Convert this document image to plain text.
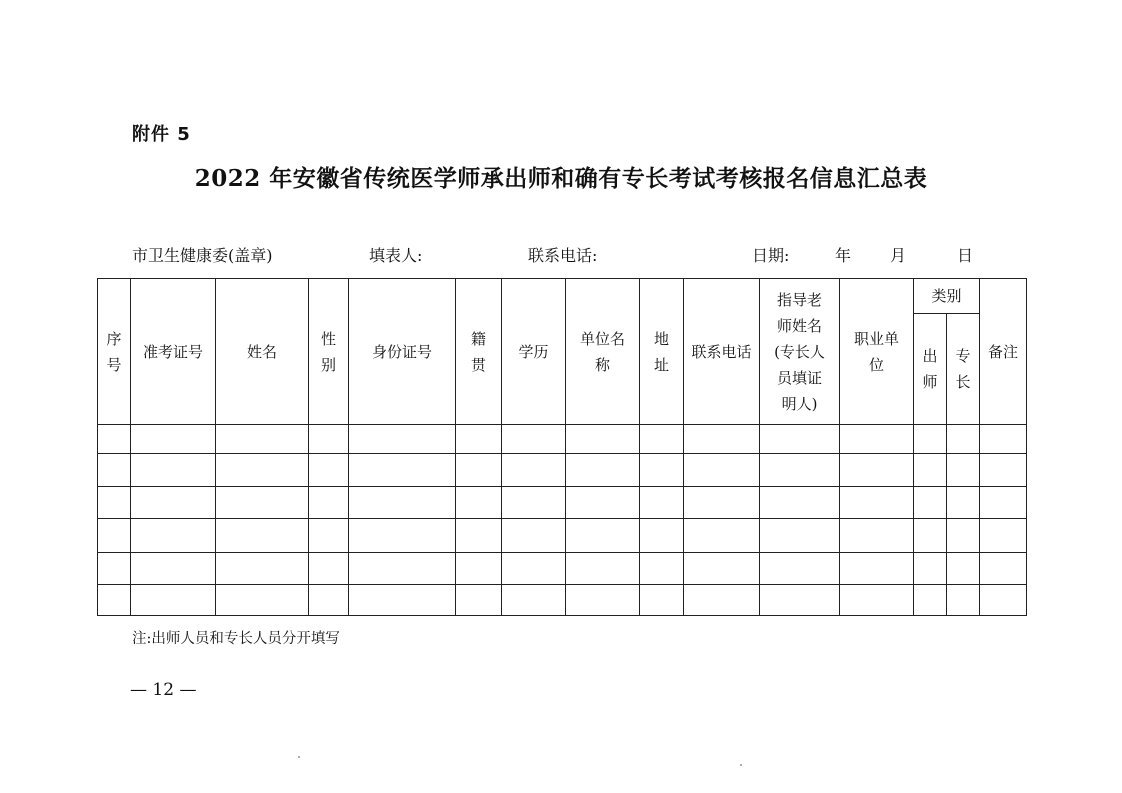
附件 5
2022 年安徽省传统医学师承出师和确有专长考试考核报名信息汇总表
市卫生健康委(盖章)	填表人:	联系电话:	日期:	年 月	日
序号	准考证号	姓名	性别	身份证号	籍贯	学历	单位名称	地址	联系电话	指导老师姓名(专长人员填证明人)	职业单位	类别		备注

												出师	专长	

注:出师人员和专长人员分开填写
— 12 —
